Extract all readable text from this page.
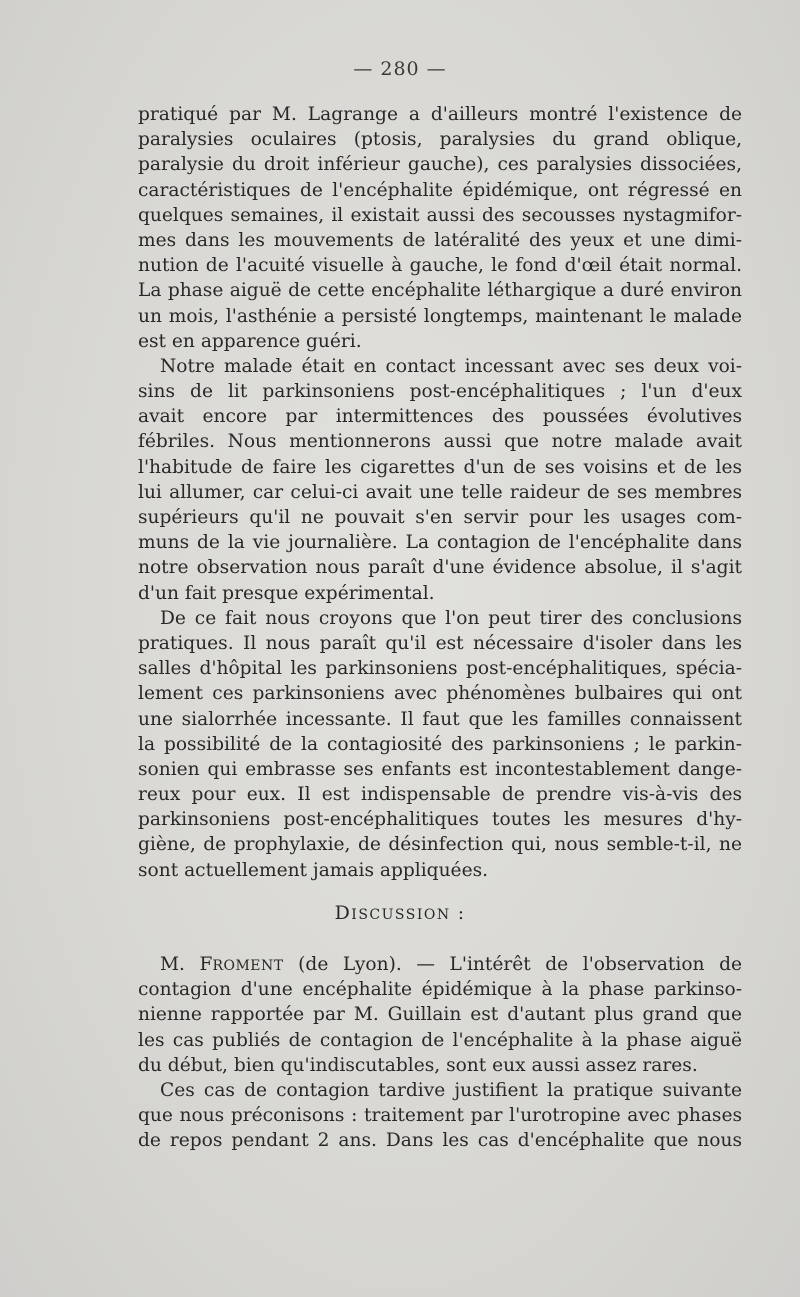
— 280 —
pratiqué par M. Lagrange a d'ailleurs montré l'existence de
paralysies oculaires (ptosis, paralysies du grand oblique,
paralysie du droit inférieur gauche), ces paralysies dissociées,
caractéristiques de l'encéphalite épidémique, ont régressé en
quelques semaines, il existait aussi des secousses nystagmifor-
mes dans les mouvements de latéralité des yeux et une dimi-
nution de l'acuité visuelle à gauche, le fond d'œil était normal.
La phase aiguë de cette encéphalite léthargique a duré environ
un mois, l'asthénie a persisté longtemps, maintenant le malade
est en apparence guéri.
Notre malade était en contact incessant avec ses deux voi-
sins de lit parkinsoniens post-encéphalitiques ; l'un d'eux
avait encore par intermittences des poussées évolutives
fébriles. Nous mentionnerons aussi que notre malade avait
l'habitude de faire les cigarettes d'un de ses voisins et de les
lui allumer, car celui-ci avait une telle raideur de ses membres
supérieurs qu'il ne pouvait s'en servir pour les usages com-
muns de la vie journalière. La contagion de l'encéphalite dans
notre observation nous paraît d'une évidence absolue, il s'agit
d'un fait presque expérimental.
De ce fait nous croyons que l'on peut tirer des conclusions
pratiques. Il nous paraît qu'il est nécessaire d'isoler dans les
salles d'hôpital les parkinsoniens post-encéphalitiques, spécia-
lement ces parkinsoniens avec phénomènes bulbaires qui ont
une sialorrhée incessante. Il faut que les familles connaissent
la possibilité de la contagiosité des parkinsoniens ; le parkin-
sonien qui embrasse ses enfants est incontestablement dange-
reux pour eux. Il est indispensable de prendre vis-à-vis des
parkinsoniens post-encéphalitiques toutes les mesures d'hy-
giène, de prophylaxie, de désinfection qui, nous semble-t-il, ne
sont actuellement jamais appliquées.
DISCUSSION :
M. FROMENT (de Lyon). — L'intérêt de l'observation de
contagion d'une encéphalite épidémique à la phase parkinso-
nienne rapportée par M. Guillain est d'autant plus grand que
les cas publiés de contagion de l'encéphalite à la phase aiguë
du début, bien qu'indiscutables, sont eux aussi assez rares.
Ces cas de contagion tardive justifient la pratique suivante
que nous préconisons : traitement par l'urotropine avec phases
de repos pendant 2 ans. Dans les cas d'encéphalite que nous
